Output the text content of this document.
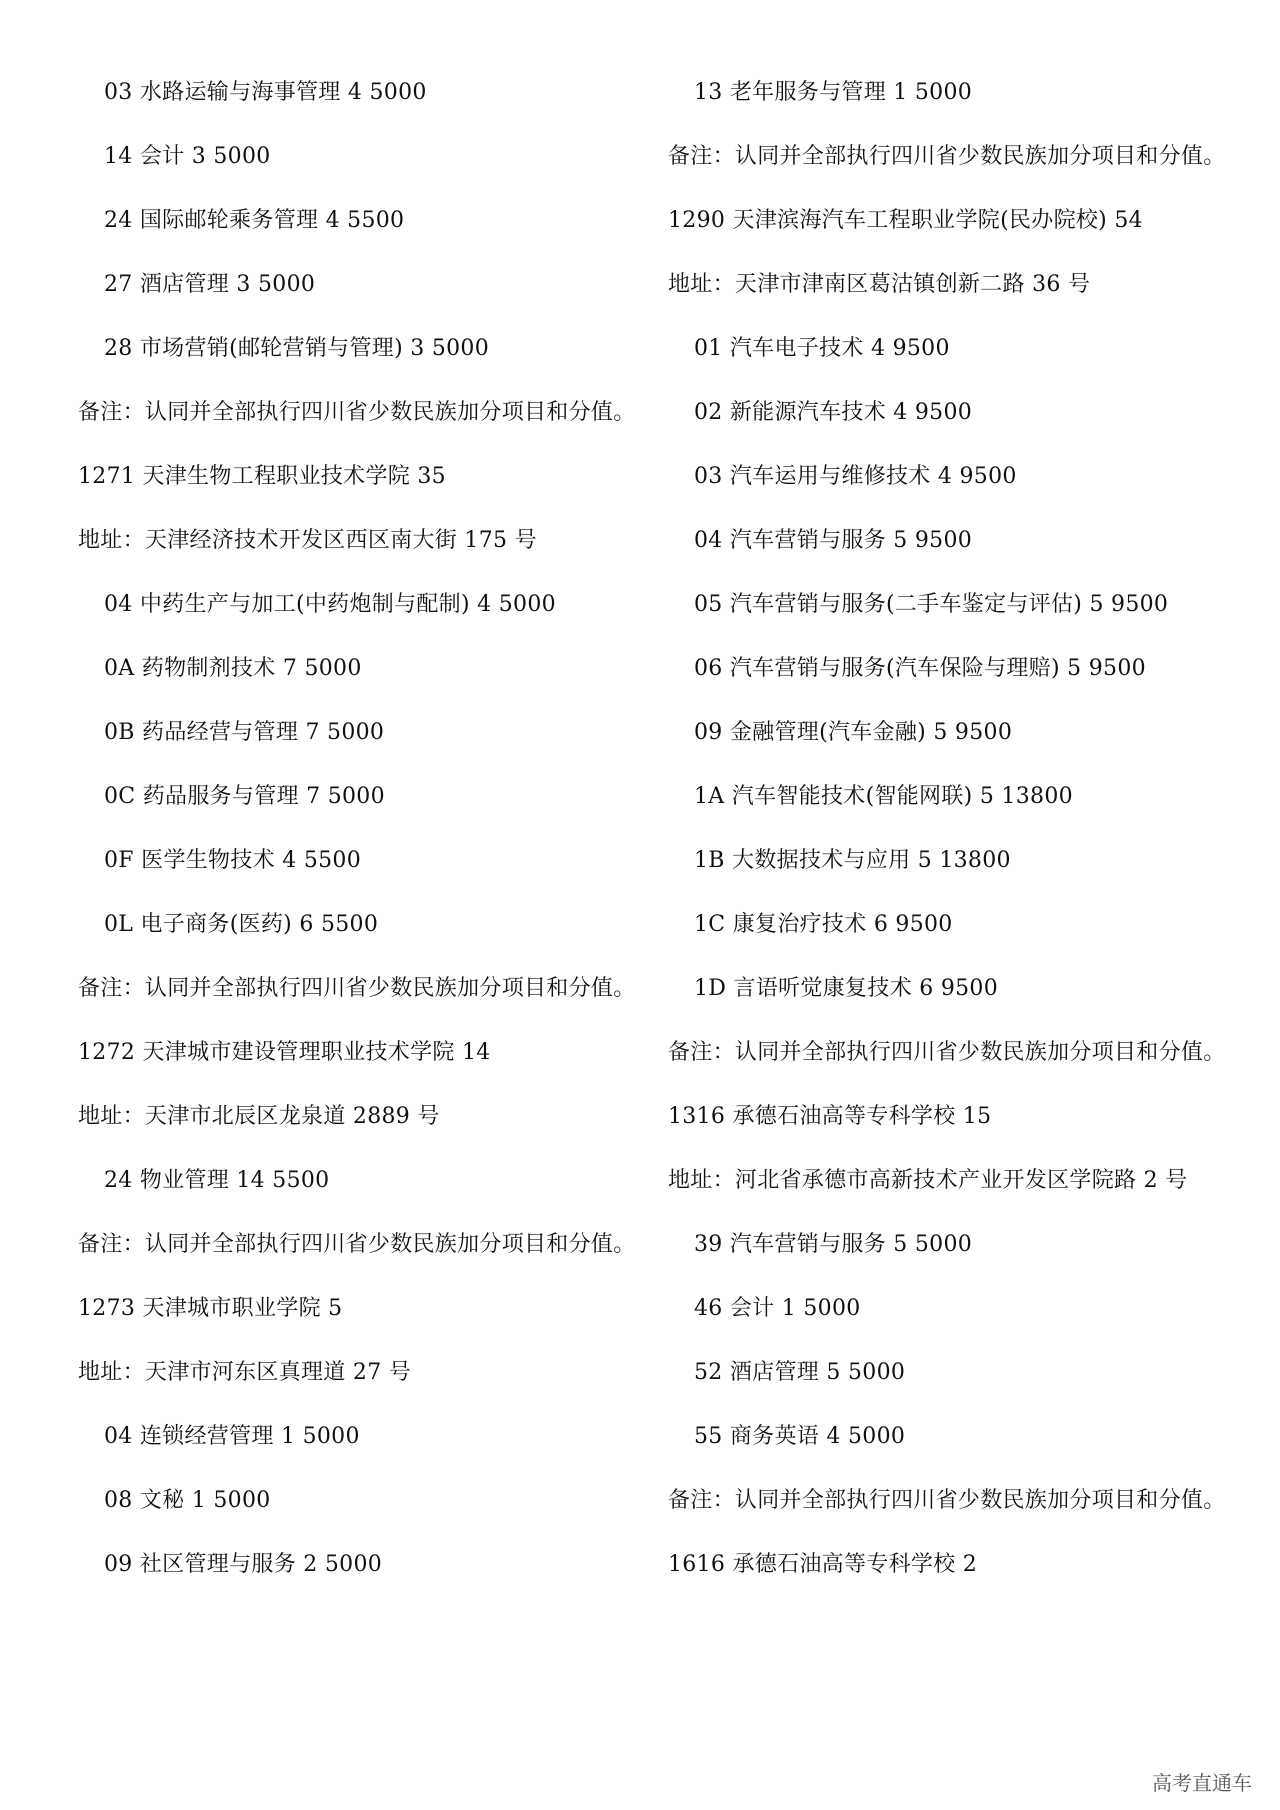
03 水路运输与海事管理 4 5000
14 会计 3 5000
24 国际邮轮乘务管理 4 5500
27 酒店管理 3 5000
28 市场营销(邮轮营销与管理) 3 5000
备注：认同并全部执行四川省少数民族加分项目和分值。
1271 天津生物工程职业技术学院 35
地址：天津经济技术开发区西区南大街 175 号
04 中药生产与加工(中药炮制与配制) 4 5000
0A 药物制剂技术 7 5000
0B 药品经营与管理 7 5000
0C 药品服务与管理 7 5000
0F 医学生物技术 4 5500
0L 电子商务(医药) 6 5500
备注：认同并全部执行四川省少数民族加分项目和分值。
1272 天津城市建设管理职业技术学院 14
地址：天津市北辰区龙泉道 2889 号
24 物业管理 14 5500
备注：认同并全部执行四川省少数民族加分项目和分值。
1273 天津城市职业学院 5
地址：天津市河东区真理道 27 号
04 连锁经营管理 1 5000
08 文秘 1 5000
09 社区管理与服务 2 5000
13 老年服务与管理 1 5000
备注：认同并全部执行四川省少数民族加分项目和分值。
1290 天津滨海汽车工程职业学院(民办院校) 54
地址：天津市津南区葛沽镇创新二路 36 号
01 汽车电子技术 4 9500
02 新能源汽车技术 4 9500
03 汽车运用与维修技术 4 9500
04 汽车营销与服务 5 9500
05 汽车营销与服务(二手车鉴定与评估) 5 9500
06 汽车营销与服务(汽车保险与理赔) 5 9500
09 金融管理(汽车金融) 5 9500
1A 汽车智能技术(智能网联) 5 13800
1B 大数据技术与应用 5 13800
1C 康复治疗技术 6 9500
1D 言语听觉康复技术 6 9500
备注：认同并全部执行四川省少数民族加分项目和分值。
1316 承德石油高等专科学校 15
地址：河北省承德市高新技术产业开发区学院路 2 号
39 汽车营销与服务 5 5000
46 会计 1 5000
52 酒店管理 5 5000
55 商务英语 4 5000
备注：认同并全部执行四川省少数民族加分项目和分值。
1616 承德石油高等专科学校 2
高考直通车
